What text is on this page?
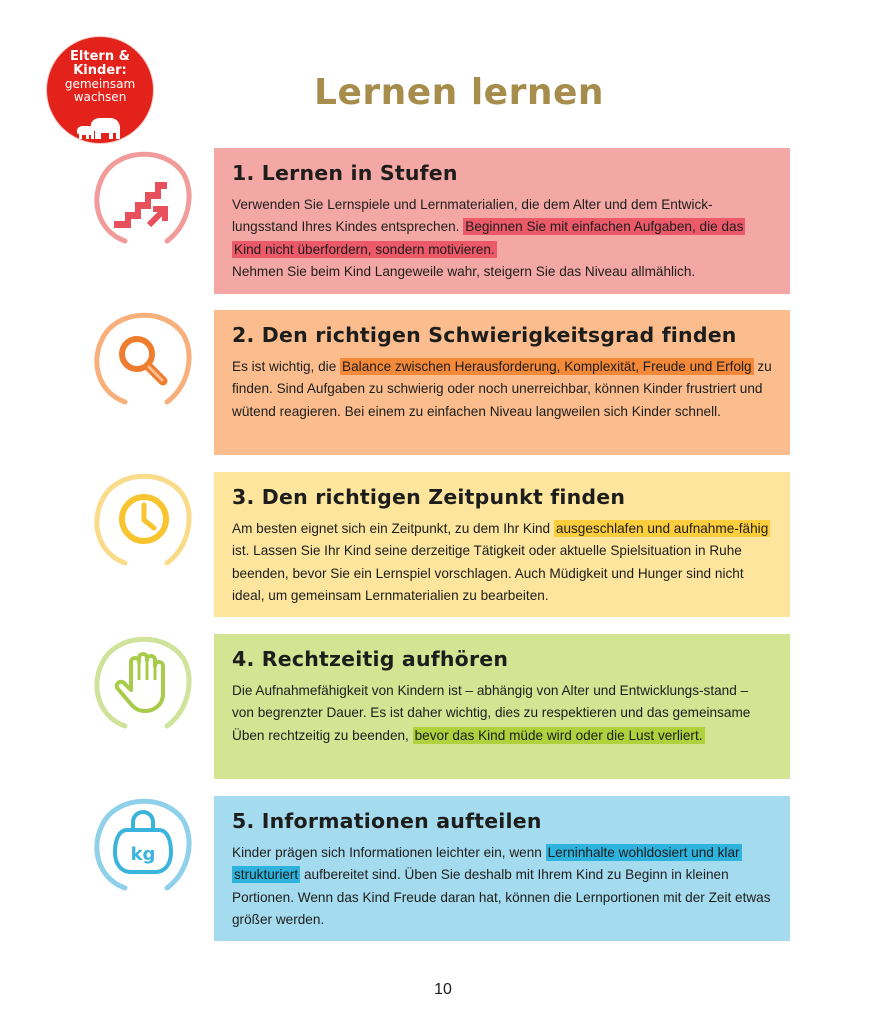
Eltern &
Kinder:
gemeinsam
wachsen	Lernen lernen
kg
1. Lernen in Stufen

Verwenden Sie Lernspiele und Lernmaterialien, die dem Alter und dem Entwick-lungsstand Ihres Kindes entsprechen. Beginnen Sie mit einfachen Aufgaben, die das Kind nicht überfordern, sondern motivieren.
Nehmen Sie beim Kind Langeweile wahr, steigern Sie das Niveau allmählich.

2. Den richtigen Schwierigkeitsgrad finden

Es ist wichtig, die Balance zwischen Herausforderung, Komplexität, Freude und Erfolg zu finden. Sind Aufgaben zu schwierig oder noch unerreichbar, können Kinder frustriert und wütend reagieren. Bei einem zu einfachen Niveau langweilen sich Kinder schnell.

3. Den richtigen Zeitpunkt finden

Am besten eignet sich ein Zeitpunkt, zu dem Ihr Kind ausgeschlafen und aufnahme-fähig ist. Lassen Sie Ihr Kind seine derzeitige Tätigkeit oder aktuelle Spielsituation in Ruhe beenden, bevor Sie ein Lernspiel vorschlagen. Auch Müdigkeit und Hunger sind nicht ideal, um gemeinsam Lernmaterialien zu bearbeiten.

4. Rechtzeitig aufhören

Die Aufnahmefähigkeit von Kindern ist – abhängig von Alter und Entwicklungs-stand – von begrenzter Dauer. Es ist daher wichtig, dies zu respektieren und das gemeinsame Üben rechtzeitig zu beenden, bevor das Kind müde wird oder die Lust verliert.

5. Informationen aufteilen

Kinder prägen sich Informationen leichter ein, wenn Lerninhalte wohldosiert und klar strukturiert aufbereitet sind. Üben Sie deshalb mit Ihrem Kind zu Beginn in kleinen Portionen. Wenn das Kind Freude daran hat, können die Lernportionen mit der Zeit etwas größer werden.

10
